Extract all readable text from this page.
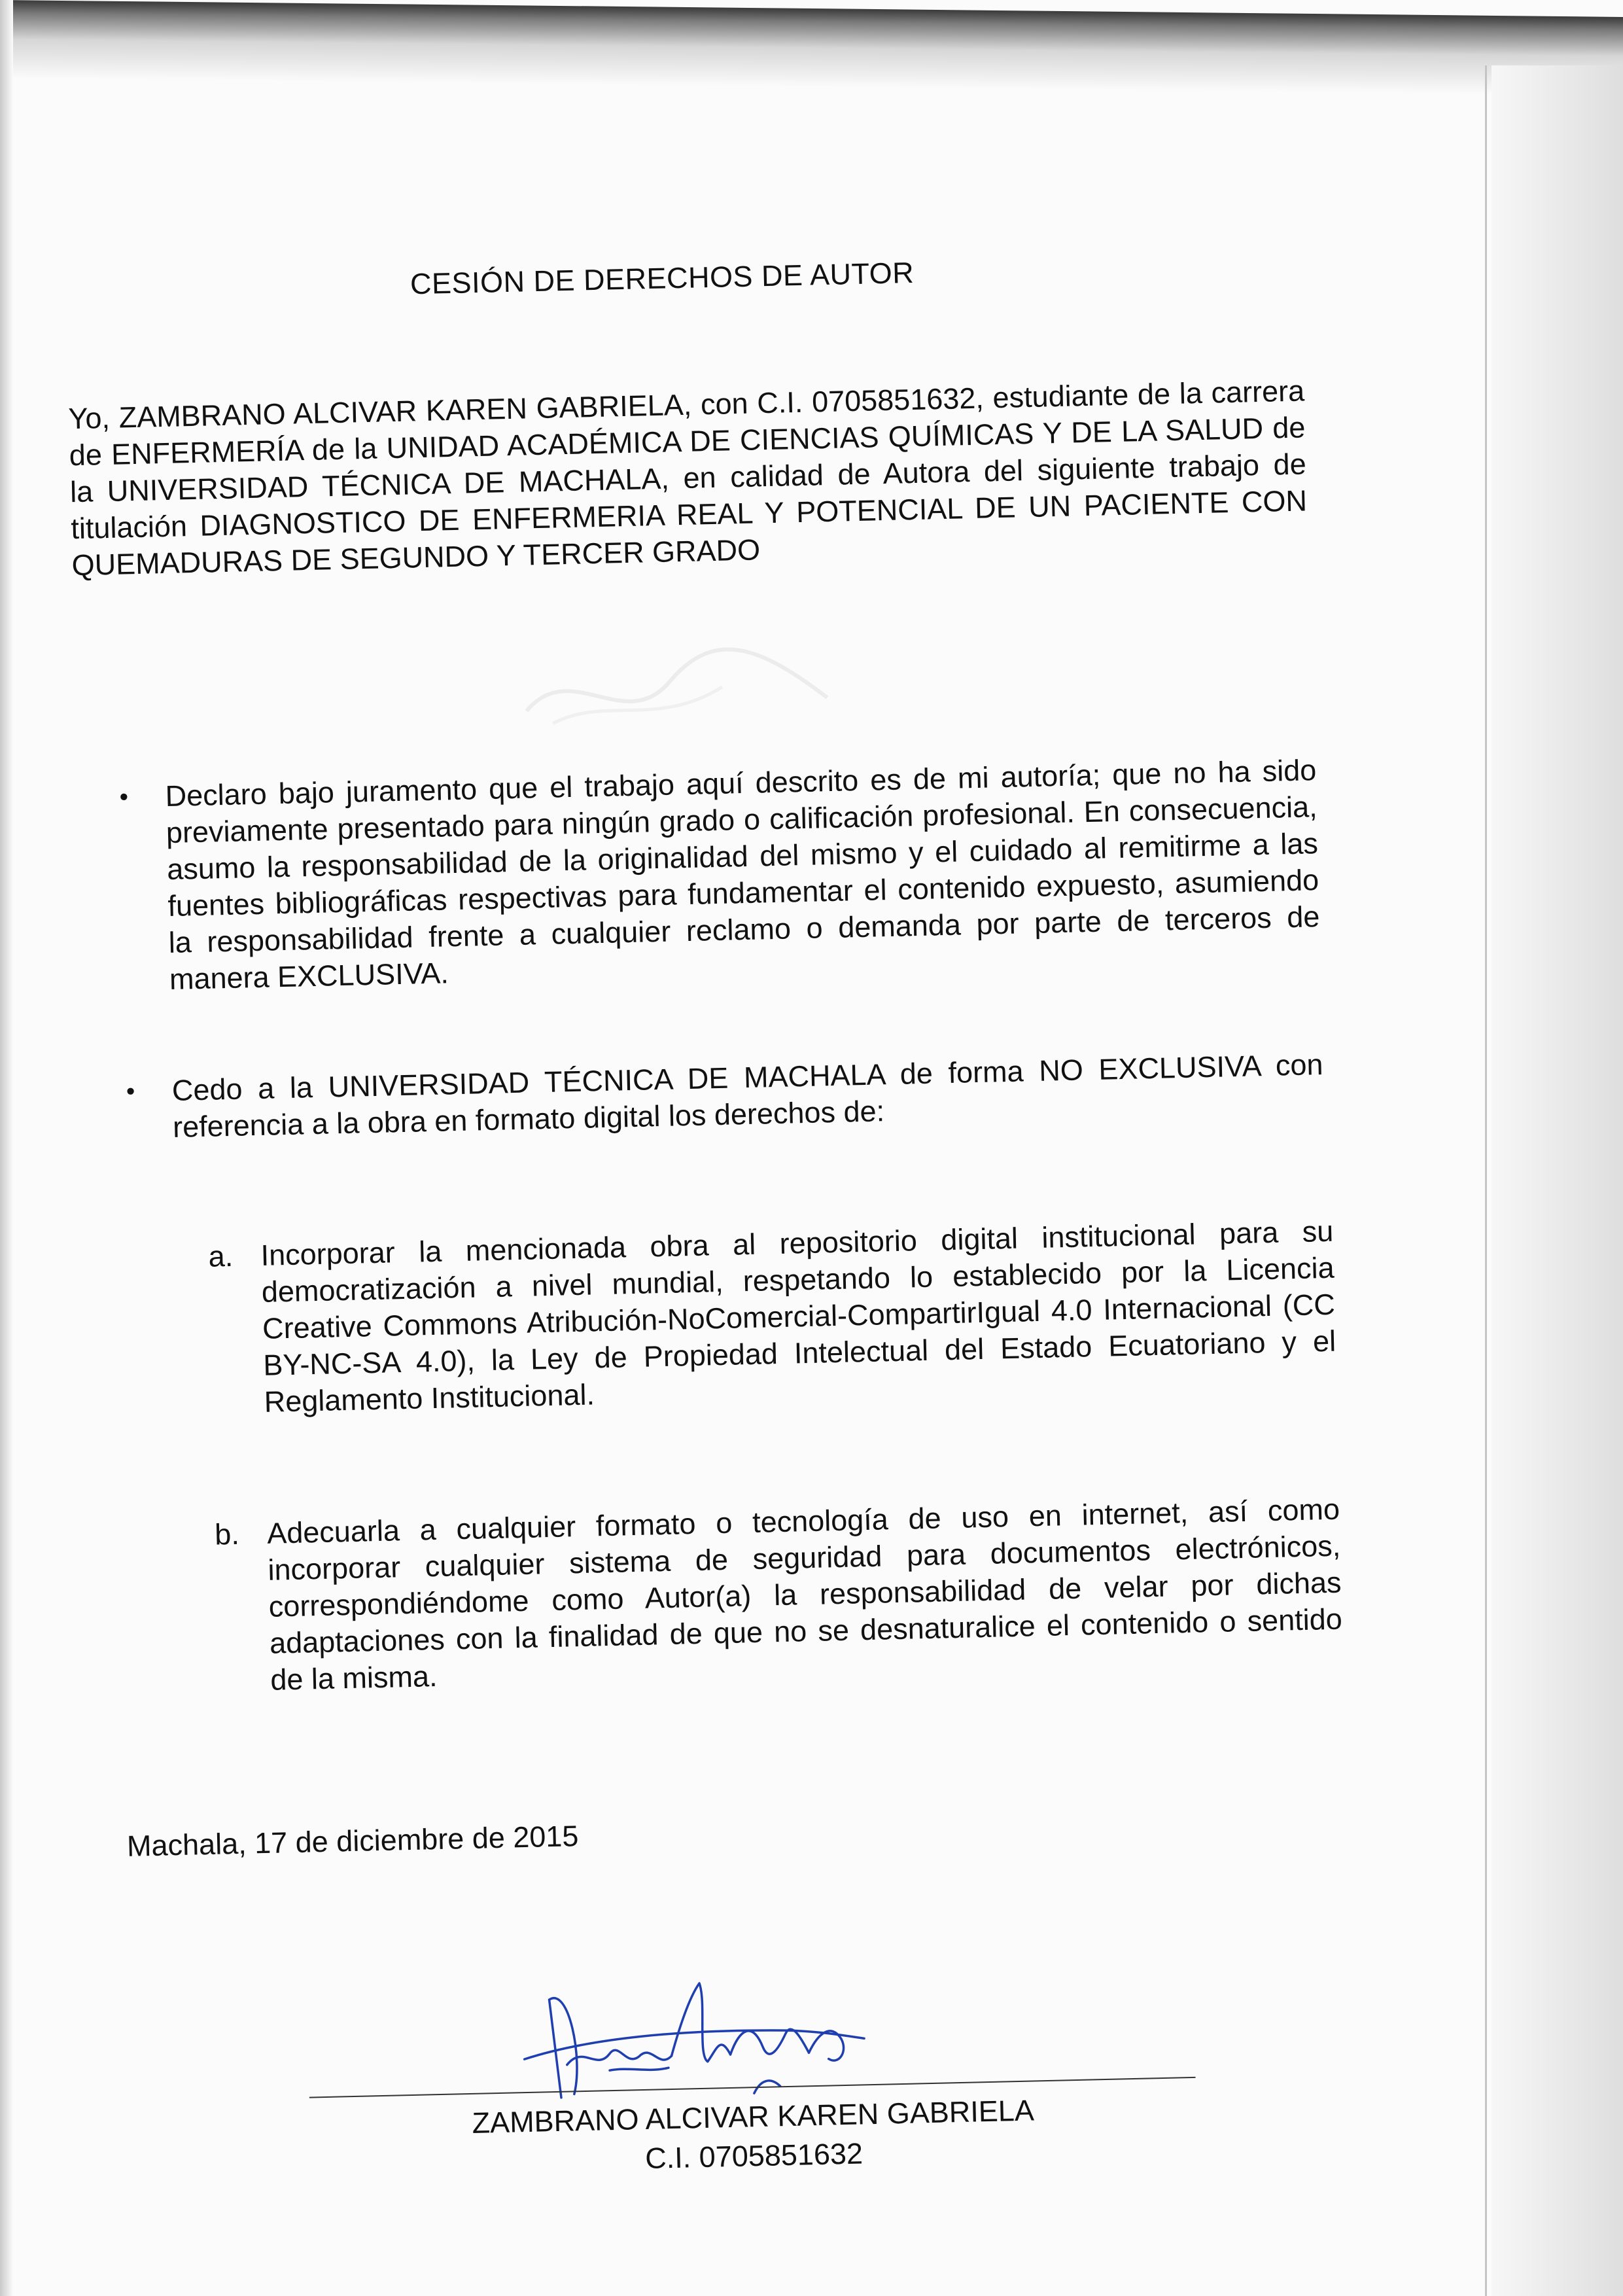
CESIÓN DE DERECHOS DE AUTOR
Yo, ZAMBRANO ALCIVAR KAREN GABRIELA, con C.I. 0705851632, estudiante de la carrera de ENFERMERÍA de la UNIDAD ACADÉMICA DE CIENCIAS QUÍMICAS Y DE LA SALUD de la UNIVERSIDAD TÉCNICA DE MACHALA, en calidad de Autora del siguiente trabajo de titulación DIAGNOSTICO DE ENFERMERIA REAL Y POTENCIAL DE UN PACIENTE CON QUEMADURAS DE SEGUNDO Y TERCER GRADO
•	Declaro bajo juramento que el trabajo aquí descrito es de mi autoría; que no ha sido previamente presentado para ningún grado o calificación profesional. En consecuencia, asumo la responsabilidad de la originalidad del mismo y el cuidado al remitirme a las fuentes bibliográficas respectivas para fundamentar el contenido expuesto, asumiendo la responsabilidad frente a cualquier reclamo o demanda por parte de terceros de manera EXCLUSIVA.
•	Cedo a la UNIVERSIDAD TÉCNICA DE MACHALA de forma NO EXCLUSIVA con referencia a la obra en formato digital los derechos de:
a. Incorporar la mencionada obra al repositorio digital institucional para su democratización a nivel mundial, respetando lo establecido por la Licencia Creative Commons Atribución-NoComercial-CompartirIgual 4.0 Internacional (CC BY-NC-SA 4.0), la Ley de Propiedad Intelectual del Estado Ecuatoriano y el Reglamento Institucional.
b. Adecuarla a cualquier formato o tecnología de uso en internet, así como incorporar cualquier sistema de seguridad para documentos electrónicos, correspondiéndome como Autor(a) la responsabilidad de velar por dichas adaptaciones con la finalidad de que no se desnaturalice el contenido o sentido de la misma.
Machala, 17 de diciembre de 2015
ZAMBRANO ALCIVAR KAREN GABRIELA
C.I. 0705851632
